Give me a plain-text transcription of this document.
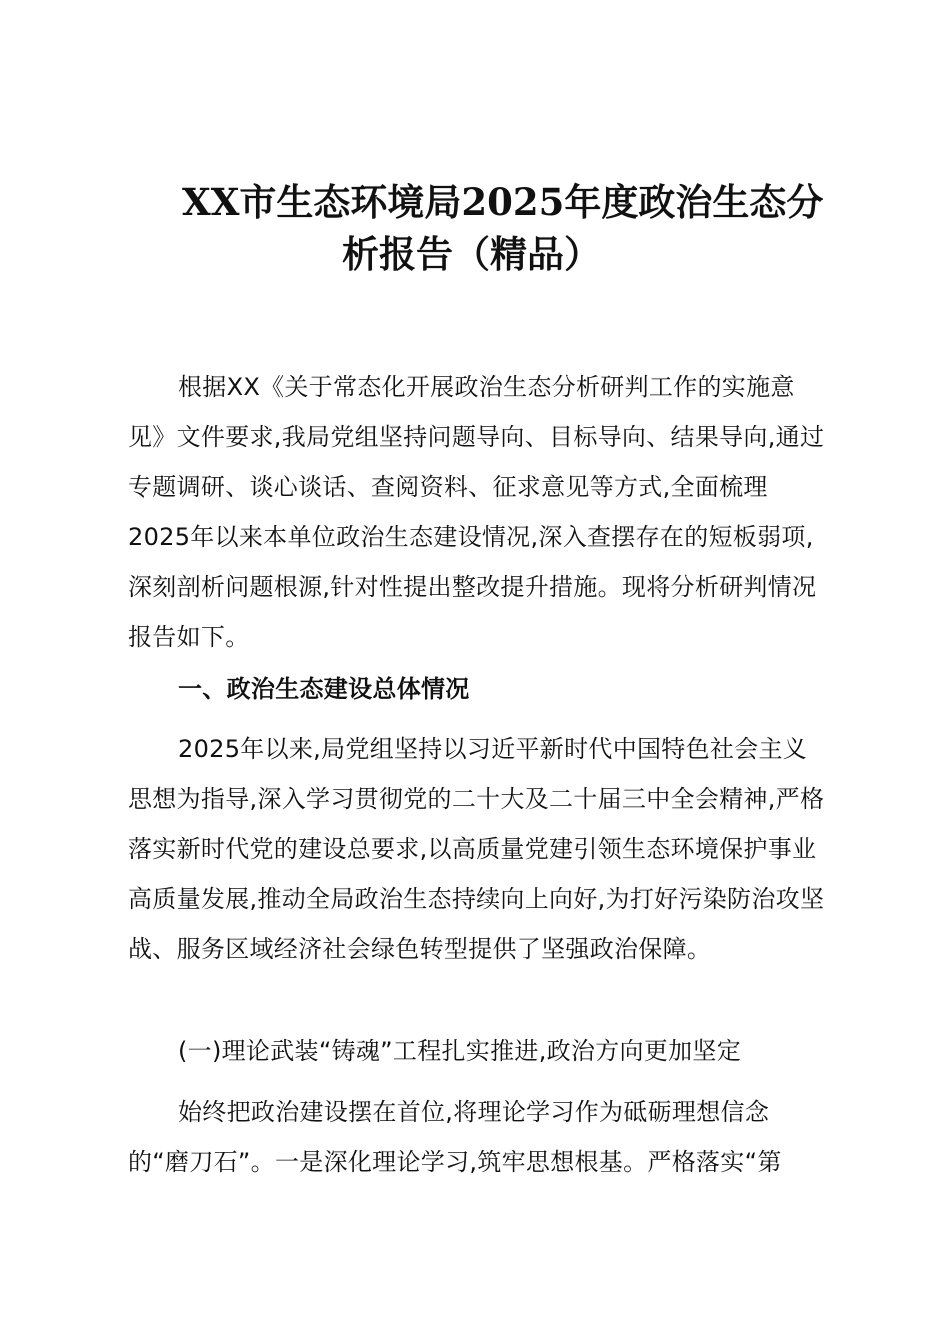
XX市生态环境局2025年度政治生态分
析报告（精品）

根据XX《关于常态化开展政治生态分析研判工作的实施意见》文件要求,我局党组坚持问题导向、目标导向、结果导向,通过专题调研、谈心谈话、查阅资料、征求意见等方式,全面梳理2025年以来本单位政治生态建设情况,深入查摆存在的短板弱项,深刻剖析问题根源,针对性提出整改提升措施。现将分析研判情况报告如下。

一、政治生态建设总体情况

2025年以来,局党组坚持以习近平新时代中国特色社会主义思想为指导,深入学习贯彻党的二十大及二十届三中全会精神,严格落实新时代党的建设总要求,以高质量党建引领生态环境保护事业高质量发展,推动全局政治生态持续向上向好,为打好污染防治攻坚战、服务区域经济社会绿色转型提供了坚强政治保障。

(一)理论武装“铸魂”工程扎实推进,政治方向更加坚定

始终把政治建设摆在首位,将理论学习作为砥砺理想信念的“磨刀石”。一是深化理论学习,筑牢思想根基。严格落实“第
